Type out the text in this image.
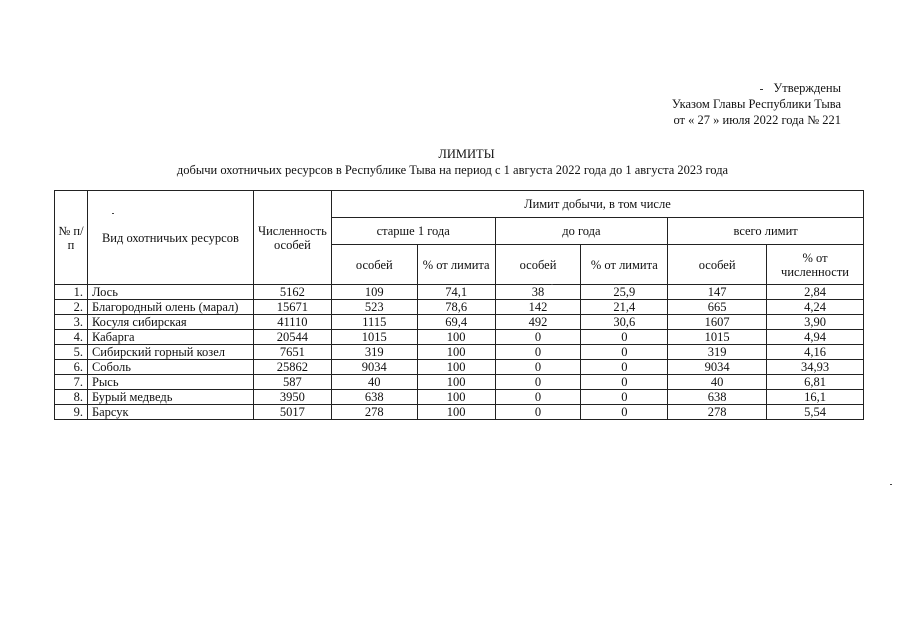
Утверждены
Указом Главы Республики Тыва
от « 27 » июля 2022 года № 221
ЛИМИТЫ
добычи охотничьих ресурсов в Республике Тыва на период с 1 августа 2022 года до 1 августа 2023 года
№ п/п	Вид охотничьих ресурсов	Численность особей	Лимит добычи, в том числе					
			старше 1 года		до года		всего лимит	
			особей	% от лимита	особей	% от лимита	особей	% от численности
1.	Лось	5162	109	74,1	38	25,9	147	2,84
2.	Благородный олень (марал)	15671	523	78,6	142	21,4	665	4,24
3.	Косуля сибирская	41110	1115	69,4	492	30,6	1607	3,90
4.	Кабарга	20544	1015	100	0	0	1015	4,94
5.	Сибирский горный козел	7651	319	100	0	0	319	4,16
6.	Соболь	25862	9034	100	0	0	9034	34,93
7.	Рысь	587	40	100	0	0	40	6,81
8.	Бурый медведь	3950	638	100	0	0	638	16,1
9.	Барсук	5017	278	100	0	0	278	5,54
